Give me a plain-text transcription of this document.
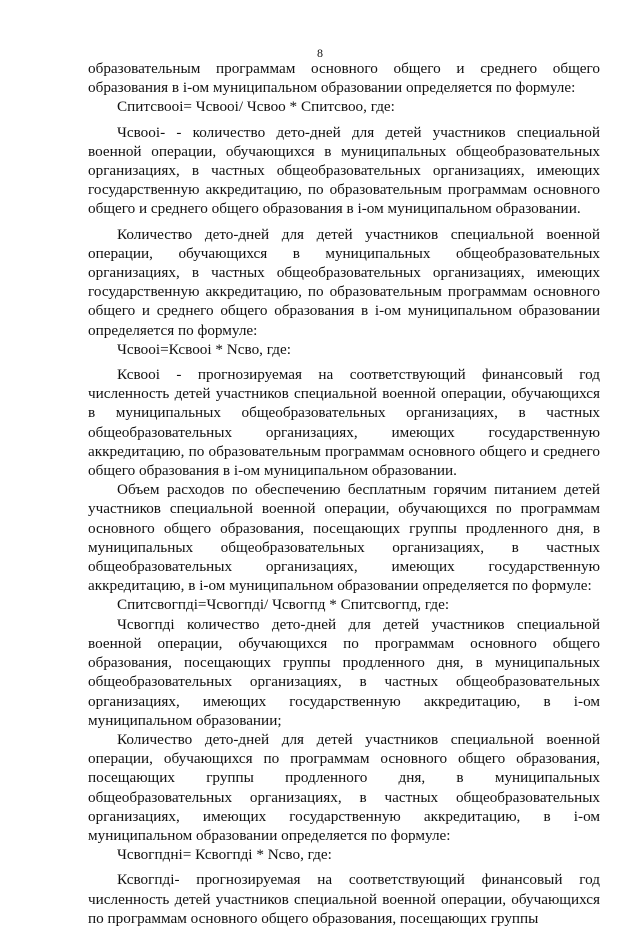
8

образовательным программам основного общего и среднего общего образования в i-ом муниципальном образовании определяется по формуле:

Спитсвооі= Чсвооі/ Чсвоо * Спитсвоо, где:

Чсвооі- - количество дето-дней для детей участников специальной военной операции, обучающихся в муниципальных общеобразовательных организациях, в частных общеобразовательных организациях, имеющих государственную аккредитацию, по образовательным программам основного общего и среднего общего образования в i-ом муниципальном образовании.

Количество дето-дней для детей участников специальной военной операции, обучающихся в муниципальных общеобразовательных организациях, в частных общеобразовательных организациях, имеющих государственную аккредитацию, по образовательным программам основного общего и среднего общего образования в i-ом муниципальном образовании определяется по формуле:

Чсвооі=Ксвооі * Nсво, где:

Ксвооі - прогнозируемая на соответствующий финансовый год численность детей участников специальной военной операции, обучающихся в муниципальных общеобразовательных организациях, в частных общеобразовательных организациях, имеющих государственную аккредитацию, по образовательным программам основного общего и среднего общего образования в i-ом муниципальном образовании.

Объем расходов по обеспечению бесплатным горячим питанием детей участников специальной военной операции, обучающихся по программам основного общего образования, посещающих группы продленного дня, в муниципальных общеобразовательных организациях, в частных общеобразовательных организациях, имеющих государственную аккредитацию, в i-ом муниципальном образовании определяется по формуле:

Спитсвогпді=Чсвогпді/ Чсвогпд * Спитсвогпд, где:

Чсвогпді количество дето-дней для детей участников специальной военной операции, обучающихся по программам основного общего образования, посещающих группы продленного дня, в муниципальных общеобразовательных организациях, в частных общеобразовательных организациях, имеющих государственную аккредитацию, в i-ом муниципальном образовании;

Количество дето-дней для детей участников специальной военной операции, обучающихся по программам основного общего образования, посещающих группы продленного дня, в муниципальных общеобразовательных организациях, в частных общеобразовательных организациях, имеющих государственную аккредитацию, в i-ом муниципальном образовании определяется по формуле:

Чсвогпдні= Ксвогпді * Nсво, где:

Ксвогпді- прогнозируемая на соответствующий финансовый год численность детей участников специальной военной операции, обучающихся по программам основного общего образования, посещающих группы
